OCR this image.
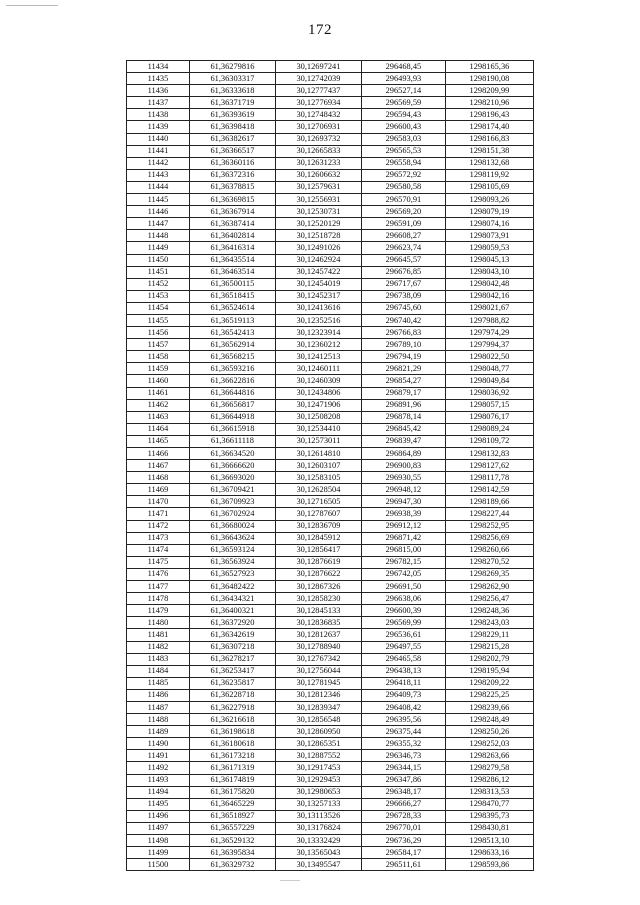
172
11434	61,36279816	30,12697241	296468,45	1298165,36
11435	61,36303317	30,12742039	296493,93	1298190,08
11436	61,36333618	30,12777437	296527,14	1298209,99
11437	61,36371719	30,12776934	296569,59	1298210,96
11438	61,36393619	30,12748432	296594,43	1298196,43
11439	61,36398418	30,12706931	296600,43	1298174,40
11440	61,36382617	30,12693732	296583,03	1298166,83
11441	61,36366517	30,12665833	296565,53	1298151,38
11442	61,36360116	30,12631233	296558,94	1298132,68
11443	61,36372316	30,12606632	296572,92	1298119,92
11444	61,36378815	30,12579631	296580,58	1298105,69
11445	61,36369815	30,12556931	296570,91	1298093,26
11446	61,36367914	30,12530731	296569,20	1298079,19
11447	61,36387414	30,12520129	296591,09	1298074,16
11448	61,36402814	30,12518728	296608,27	1298073,91
11449	61,36416314	30,12491026	296623,74	1298059,53
11450	61,36435514	30,12462924	296645,57	1298045,13
11451	61,36463514	30,12457422	296676,85	1298043,10
11452	61,36500115	30,12454019	296717,67	1298042,48
11453	61,36518415	30,12452317	296738,09	1298042,16
11454	61,36524614	30,12413616	296745,60	1298021,67
11455	61,36519113	30,12352516	296740,42	1297988,82
11456	61,36542413	30,12323914	296766,83	1297974,29
11457	61,36562914	30,12360212	296789,10	1297994,37
11458	61,36568215	30,12412513	296794,19	1298022,50
11459	61,36593216	30,12460111	296821,29	1298048,77
11460	61,36622816	30,12460309	296854,27	1298049,84
11461	61,36644816	30,12434806	296879,17	1298036,92
11462	61,36656817	30,12471906	296891,96	1298057,15
11463	61,36644918	30,12508208	296878,14	1298076,17
11464	61,36615918	30,12534410	296845,42	1298089,24
11465	61,36611118	30,12573011	296839,47	1298109,72
11466	61,36634520	30,12614810	296864,89	1298132,83
11467	61,36666620	30,12603107	296900,83	1298127,62
11468	61,36693020	30,12583105	296930,55	1298117,78
11469	61,36709421	30,12628504	296948,12	1298142,59
11470	61,36709923	30,12716505	296947,30	1298189,66
11471	61,36702924	30,12787607	296938,39	1298227,44
11472	61,36680024	30,12836709	296912,12	1298252,95
11473	61,36643624	30,12845912	296871,42	1298256,69
11474	61,36593124	30,12856417	296815,00	1298260,66
11475	61,36563924	30,12876619	296782,15	1298270,52
11476	61,36527923	30,12876622	296742,05	1298269,35
11477	61,36482422	30,12867326	296691,50	1298262,90
11478	61,36434321	30,12858230	296638,06	1298256,47
11479	61,36400321	30,12845133	296600,39	1298248,36
11480	61,36372920	30,12836835	296569,99	1298243,03
11481	61,36342619	30,12812637	296536,61	1298229,11
11482	61,36307218	30,12788940	296497,55	1298215,28
11483	61,36278217	30,12767342	296465,58	1298202,79
11484	61,36253417	30,12756044	296438,13	1298195,94
11485	61,36235817	30,12781945	296418,11	1298209,22
11486	61,36228718	30,12812346	296409,73	1298225,25
11487	61,36227918	30,12839347	296408,42	1298239,66
11488	61,36216618	30,12856548	296395,56	1298248,49
11489	61,36198618	30,12860950	296375,44	1298250,26
11490	61,36180618	30,12865351	296355,32	1298252,03
11491	61,36173218	30,12887552	296346,73	1298263,66
11492	61,36171319	30,12917453	296344,15	1298279,58
11493	61,36174819	30,12929453	296347,86	1298286,12
11494	61,36175820	30,12980653	296348,17	1298313,53
11495	61,36465229	30,13257133	296666,27	1298470,77
11496	61,36518927	30,13113526	296728,33	1298395,73
11497	61,36557229	30,13176824	296770,01	1298430,81
11498	61,36529132	30,13332429	296736,29	1298513,10
11499	61,36395834	30,13565043	296584,17	1298633,16
11500	61,36329732	30,13495547	296511,61	1298593,86
